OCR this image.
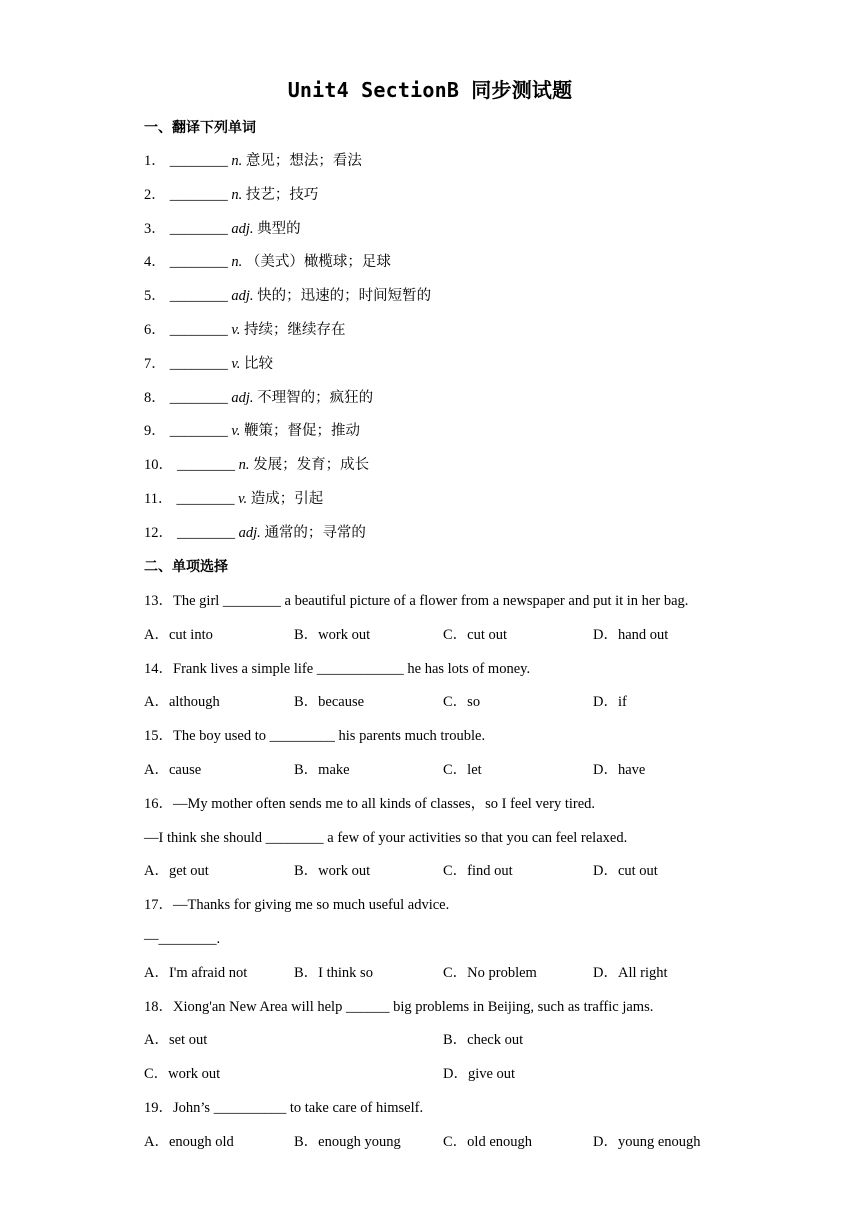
Unit4 SectionB 同步测试题
一、翻译下列单词
1． ________ n. 意见；想法；看法
2． ________ n. 技艺；技巧
3． ________ adj. 典型的
4． ________ n. （美式）橄榄球；足球
5． ________ adj. 快的；迅速的；时间短暂的
6． ________ v. 持续；继续存在
7． ________ v. 比较
8． ________ adj. 不理智的；疯狂的
9． ________ v. 鞭策；督促；推动
10． ________ n. 发展；发育；成长
11． ________ v. 造成；引起
12． ________ adj. 通常的；寻常的
二、单项选择
13．The girl ________ a beautiful picture of a flower from a newspaper and put it in her bag.
A．cut into	B．work out	C．cut out	D．hand out
14．Frank lives a simple life ____________ he has lots of money.
A．although	B．because	C．so	D．if
15．The boy used to _________ his parents much trouble.
A．cause	B．make	C．let	D．have
16．—My mother often sends me to all kinds of classes，so I feel very tired.
—I think she should ________ a few of your activities so that you can feel relaxed.
A．get out	B．work out	C．find out	D．cut out
17．—Thanks for giving me so much useful advice.
—________.
A．I'm afraid not	B．I think so	C．No problem	D．All right
18．Xiong'an New Area will help ______ big problems in Beijing, such as traffic jams.
A．set out	B．check out
C．work out	D．give out
19．John’s __________ to take care of himself.
A．enough old	B．enough young	C．old enough	D．young enough
